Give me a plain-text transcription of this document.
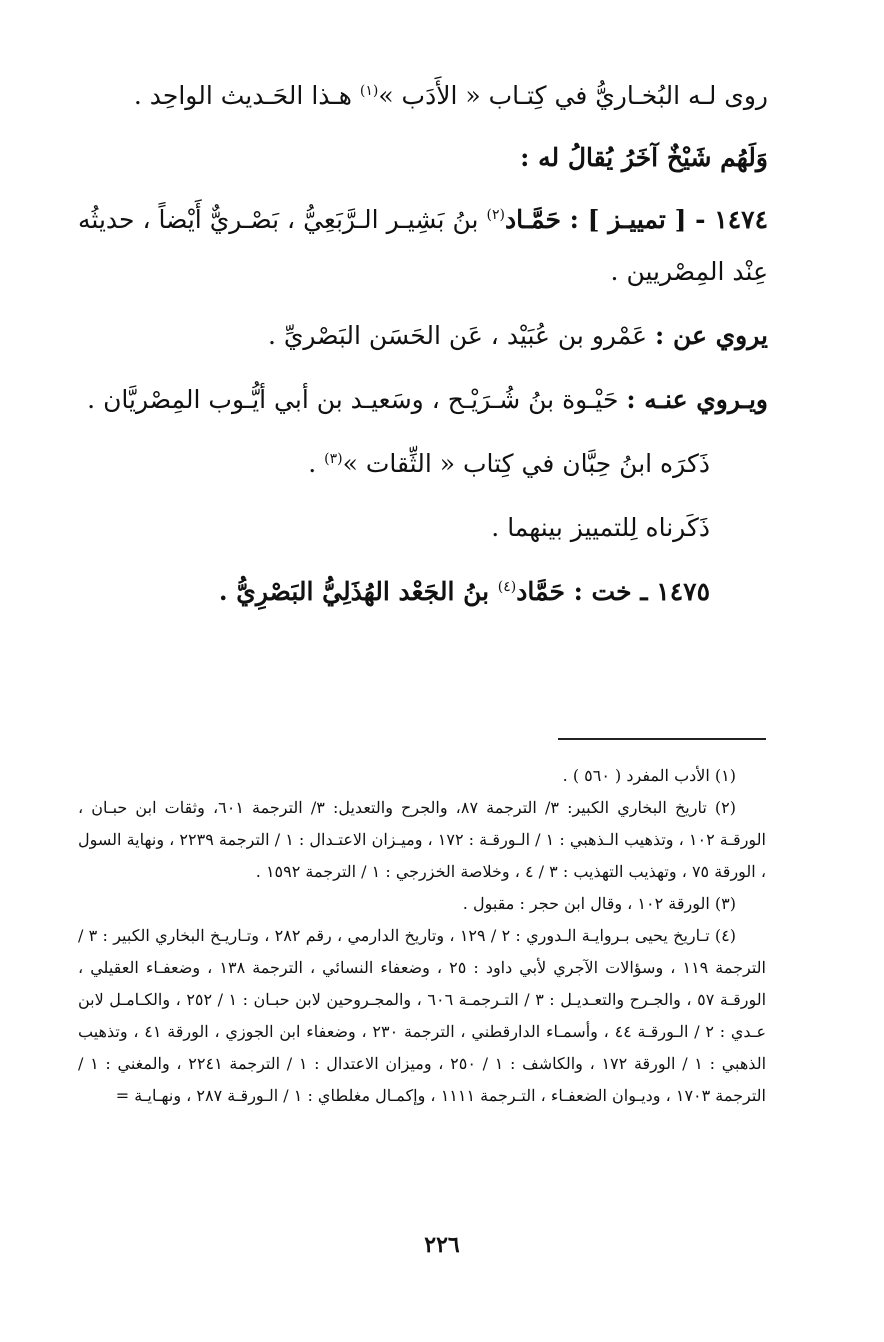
روى لـه البُخـاريُّ في كِتـاب « الأَدَب »$^{(١)}$ هـذا الحَـديث الواحِد .

وَلَهُم شَيْخٌ آخَرُ يُقالُ له :

١٤٧٤ - [ تمييـز ] : حَمَّـاد$^{(٢)}$ بنُ بَشِيـر الـرَّبَعِيُّ ، بَصْـريٌّ أَيْضاً ، حديثُه عِنْد المِصْريين .

يروي عن : عَمْرو بن عُبَيْد ، عَن الحَسَن البَصْريِّ .

ويـروي عنـه : حَيْـوة بنُ شُـرَيْـح ، وسَعيـد بن أبي أيُّـوب المِصْريَّان .

ذَكرَه ابنُ حِبَّان في كِتاب « الثِّقات »$^{(٣)}$ .

ذَكَرناه لِلتمييز بينهما .

١٤٧٥ ـ خت : حَمَّاد$^{(٤)}$ بنُ الجَعْد الهُذَلِيُّ البَصْرِيُّ .

(١) الأدب المفرد ( ٥٦٠ ) .

(٢) تاريخ البخاري الكبير: ٣/ الترجمة ٨٧، والجرح والتعديل: ٣/ الترجمة ٦٠١، وثقات ابن حبـان ، الورقـة ١٠٢ ، وتذهيب الـذهبي : ١ / الـورقـة : ١٧٢ ، وميـزان الاعتـدال : ١ / الترجمة ٢٢٣٩ ، ونهاية السول ، الورقة ٧٥ ، وتهذيب التهذيب : ٣ / ٤ ، وخلاصة الخزرجي : ١ / الترجمة ١٥٩٢ .

(٣) الورقة ١٠٢ ، وقال ابن حجر : مقبول .

(٤) تـاريخ يحيى بـروايـة الـدوري : ٢ / ١٢٩ ، وتاريخ الدارمي ، رقم ٢٨٢ ، وتـاريـخ البخاري الكبير : ٣ / الترجمة ١١٩ ، وسؤالات الآجري لأبي داود : ٢٥ ، وضعفاء النسائي ، الترجمة ١٣٨ ، وضعفـاء العقيلي ، الورقـة ٥٧ ، والجـرح والتعـديـل : ٣ / التـرجمـة ٦٠٦ ، والمجـروحين لابن حبـان : ١ / ٢٥٢ ، والكـامـل لابن عـدي : ٢ / الـورقـة ٤٤ ، وأسمـاء الدارقطني ، الترجمة ٢٣٠ ، وضعفاء ابن الجوزي ، الورقة ٤١ ، وتذهيب الذهبي : ١ / الورقة ١٧٢ ، والكاشف : ١ / ٢٥٠ ، وميزان الاعتدال : ١ / الترجمة ٢٢٤١ ، والمغني : ١ / الترجمة ١٧٠٣ ، وديـوان الضعفـاء ، التـرجمة ١١١١ ، وإكمـال مغلطاي : ١ / الـورقـة ٢٨٧ ، ونهـايـة =

٢٢٦
